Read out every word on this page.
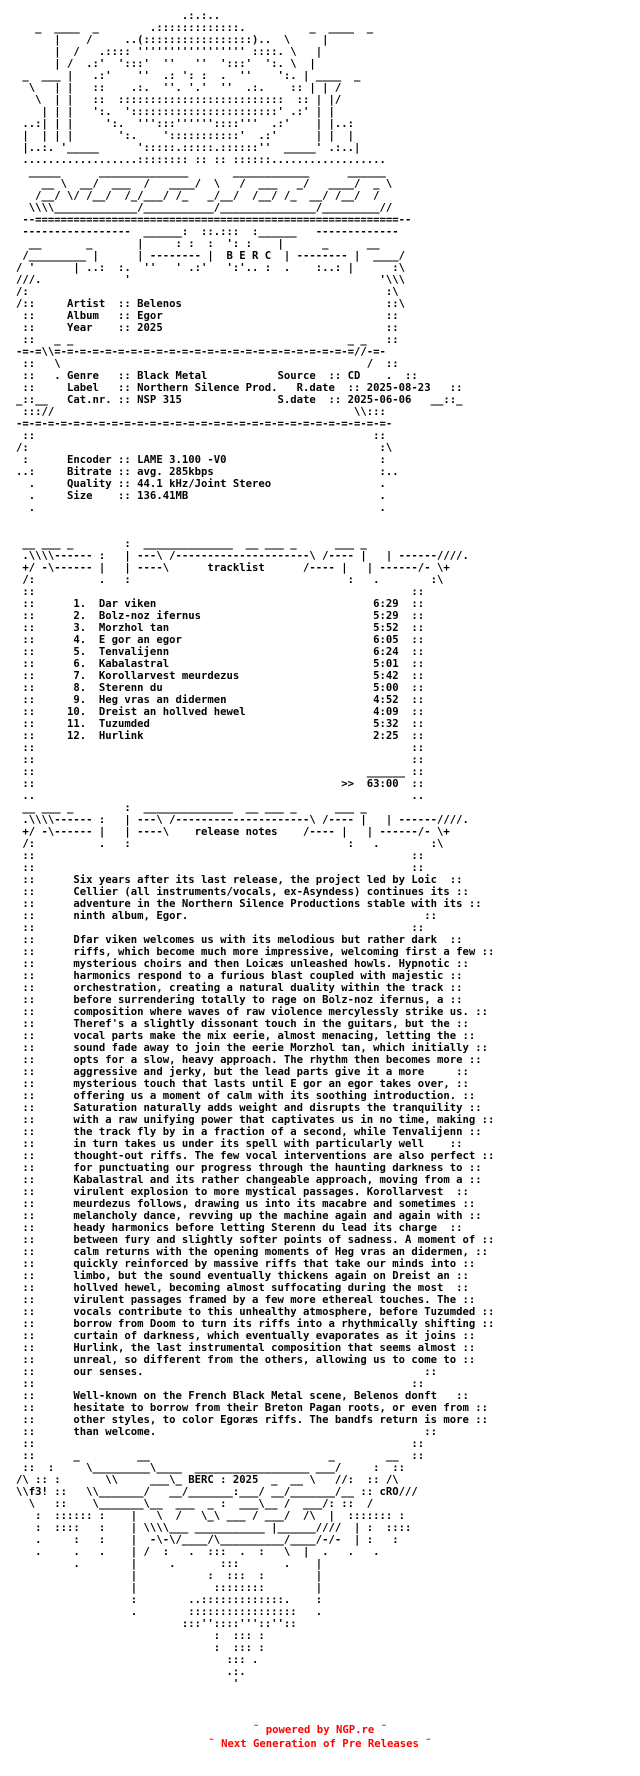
.:.:..
_  ____  _        .:::::::::::::.          _  ____  _
|    /     ..(:::::::::::::::::)..  \     |
|  /   .:::: ''''''''''''''''' ::::. \   |
| /  .:'  ':::'  ''   ''  ':::'  ':. \  |
_  ___ |   .:'    ''  .: ': :  .  ''    ':. | ____  _
\   | |   ::    .:.  ''. '.'  ''  .:.    :: | | /
\  | |   ::  ::::::::::::::::::::::::::  :: | |/
| | |   ':.  ':::::::::::::::::::::::' .:' | |
..:| | |     ':.  ''':::''''''::::'''  .:'    | |..:
|  | | |       ':.    ':::::::::::'  .:'      | |  |
|..:. '_____      ':::::.:::::.::::::''  _____' .:..|
..................:::::::: :: :: ::::::..................
_____      ______________       ____________      ______
__ \  __/  ___  /   ____/  \   /  ___   _/   ____/  _ \
/__/ \/ /__/  /_/___/ /_   _/__/  /__/ /_  __/ /__/  /
\\\\_____________/___________/_______________/_________//
--=========================================================--
-----------------  ______:  ::.:::  :______   -------------
__       _       |     : :  :  ': :    |      _      __
/_________ |      | -------- |  B E R C  | -------- |  ____/
/ '      | ..:  :.  ''   ' .:'   ':'.. :  .    :..: |      :\
///.             '                                       '\\\
/:                                                        :\
/::     Artist  :: Belenos                                ::\
::     Album   :: Egor                                   ::
::     Year    :: 2025                                   ::
::   _ _                                           _ _   ::
-=-=\\=-=-=-=-=-=-=-=-=-=-=-=-=-=-=-=-=-=-=-=-=-=-=-=//-=-
::   \                                                /  ::
::   . Genre   :: Black Metal           Source  :: CD    .  ::
::     Label   :: Northern Silence Prod.   R.date  :: 2025-08-23   ::
_::__   Cat.nr. :: NSP 315               S.date  :: 2025-06-06   __::_
::://                                               \\:::
-=-=-=-=-=-=-=-=-=-=-=-=-=-=-=-=-=-=-=-=-=-=-=-=-=-=-=-=-=-
::                                                     ::
/:                                                       :\
:      Encoder :: LAME 3.100 -V0                        :
..:     Bitrate :: avg. 285kbps                          :..
.     Quality :: 44.1 kHz/Joint Stereo                 .
.     Size    :: 136.41MB                              .
.                                                      .

__ ___ _        :  ______________  __ ___ _      ___ _
.\\\\------ :   | ---\ /---------------------\ /---- |   | ------////.
+/ -\------ |   | ----\      tracklist      /---- |   | ------/- \+
/:          .   :                                  :   .        :\
::                                                           ::
::      1.  Dar viken                                  6:29  ::
::      2.  Bolz-noz ifernus                           5:29  ::
::      3.  Morzhol tan                                5:52  ::
::      4.  E gor an egor                              6:05  ::
::      5.  Tenvalijenn                                6:24  ::
::      6.  Kabalastral                                5:01  ::
::      7.  Korollarvest meurdezus                     5:42  ::
::      8.  Sterenn du                                 5:00  ::
::      9.  Heg vras an didermen                       4:52  ::
::     10.  Dreist an hollved hewel                    4:09  ::
::     11.  Tuzumded                                   5:32  ::
::     12.  Hurlink                                    2:25  ::
::                                                           ::
::                                                           ::
::                                                    ______ ::
::                                                >>  63:00  ::
..                                                           ..
__ ___ _        :  ______________  __ ___ _      ___ _
.\\\\------ :   | ---\ /---------------------\ /---- |   | ------////.
+/ -\------ |   | ----\    release notes    /---- |   | ------/- \+
/:          .   :                                  :   .        :\
::                                                           ::
::                                                           ::
::      Six years after its last release, the project led by Loic  ::
::      Cellier (all instruments/vocals, ex-Asyndess) continues its ::
::      adventure in the Northern Silence Productions stable with its ::
::      ninth album, Egor.                                     ::
::                                                           ::
::      Dfar viken welcomes us with its melodious but rather dark  ::
::      riffs, which become much more impressive, welcoming first a few ::
::      mysterious choirs and then Loicæs unleashed howls. Hypnotic ::
::      harmonics respond to a furious blast coupled with majestic ::
::      orchestration, creating a natural duality within the track ::
::      before surrendering totally to rage on Bolz-noz ifernus, a ::
::      composition where waves of raw violence mercylessly strike us. ::
::      Theref's a slightly dissonant touch in the guitars, but the ::
::      vocal parts make the mix eerie, almost menacing, letting the ::
::      sound fade away to join the eerie Morzhol tan, which initially ::
::      opts for a slow, heavy approach. The rhythm then becomes more ::
::      aggressive and jerky, but the lead parts give it a more     ::
::      mysterious touch that lasts until E gor an egor takes over, ::
::      offering us a moment of calm with its soothing introduction. ::
::      Saturation naturally adds weight and disrupts the tranquility ::
::      with a raw unifying power that captivates us in no time, making ::
::      the track fly by in a fraction of a second, while Tenvalijenn ::
::      in turn takes us under its spell with particularly well    ::
::      thought-out riffs. The few vocal interventions are also perfect ::
::      for punctuating our progress through the haunting darkness to ::
::      Kabalastral and its rather changeable approach, moving from a ::
::      virulent explosion to more mystical passages. Korollarvest  ::
::      meurdezus follows, drawing us into its macabre and sometimes ::
::      melancholy dance, revving up the machine again and again with ::
::      heady harmonics before letting Sterenn du lead its charge  ::
::      between fury and slightly softer points of sadness. A moment of ::
::      calm returns with the opening moments of Heg vras an didermen, ::
::      quickly reinforced by massive riffs that take our minds into ::
::      limbo, but the sound eventually thickens again on Dreist an ::
::      hollved hewel, becoming almost suffocating during the most  ::
::      virulent passages framed by a few more ethereal touches. The ::
::      vocals contribute to this unhealthy atmosphere, before Tuzumded ::
::      borrow from Doom to turn its riffs into a rhythmically shifting ::
::      curtain of darkness, which eventually evaporates as it joins ::
::      Hurlink, the last instrumental composition that seems almost ::
::      unreal, so different from the others, allowing us to come to ::
::      our senses.                                            ::
::                                                           ::
::      Well-known on the French Black Metal scene, Belenos donft   ::
::      hesitate to borrow from their Breton Pagan roots, or even from ::
::      other styles, to color Egoræs riffs. The bandfs return is more ::
::      than welcome.                                          ::
::                                                           ::
::      _         __                            _        __  ::
::  :     \_________\____  __________________ ___/     :  ::
/\ :: :       \\     ___\_ BERC : 2025  _  __ \   //:  :: /\
\\f3! ::   \\_______/   __/_______:___/ __/_______/__ :: cRO///
\   ::    \_______\__  ___  _ :  ___\__ /  ___/: ::  /
:  :::::: :    |   \  /   \_\ ___ / ___/  /\  |  ::::::: :
:  ::::   :    | \\\\___ ___________ |______////  | :  ::::
.     :   :    |  -\-\/____/\__________/____/-/-  | :   :
.     .   .    | /  :   .  :::  .  :   \  |  .   .   .
.        |     .       :::       .    |
|           :  :::  :        |
|            ::::::::        |
:        ..:::::::::::::.    :
.        :::::::::::::::::   .
:::''::::'''::''::
:  ::: :
:  ::: :
::: .
.:.
'

˜ powered by NGP.re ˜
˜ Next Generation of Pre Releases ˜
